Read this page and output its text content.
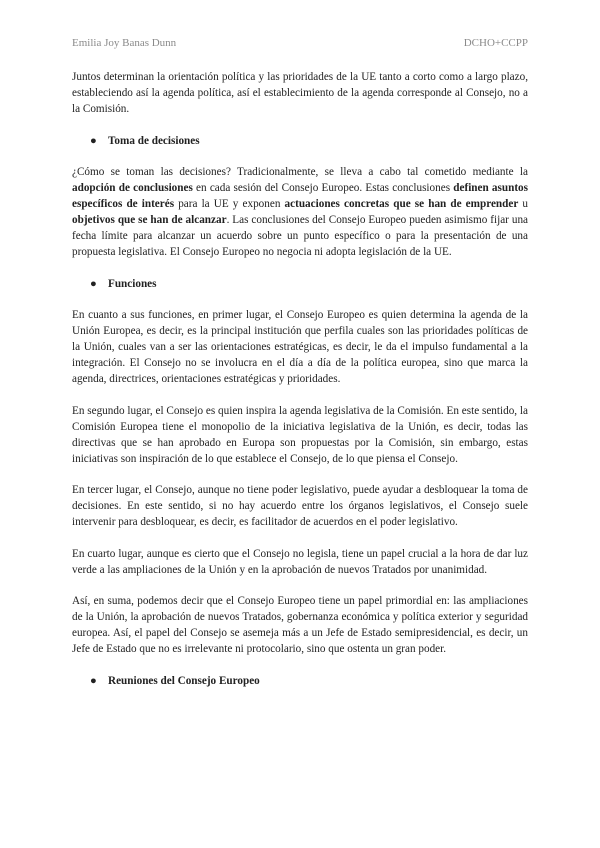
Emilia Joy Banas Dunn	DCHO+CCPP

Juntos determinan la orientación política y las prioridades de la UE tanto a corto como a largo plazo, estableciendo así la agenda política, así el establecimiento de la agenda corresponde al Consejo, no a la Comisión.

● Toma de decisiones

¿Cómo se toman las decisiones? Tradicionalmente, se lleva a cabo tal cometido mediante la adopción de conclusiones en cada sesión del Consejo Europeo. Estas conclusiones definen asuntos específicos de interés para la UE y exponen actuaciones concretas que se han de emprender u objetivos que se han de alcanzar. Las conclusiones del Consejo Europeo pueden asimismo fijar una fecha límite para alcanzar un acuerdo sobre un punto específico o para la presentación de una propuesta legislativa. El Consejo Europeo no negocia ni adopta legislación de la UE.

● Funciones

En cuanto a sus funciones, en primer lugar, el Consejo Europeo es quien determina la agenda de la Unión Europea, es decir, es la principal institución que perfila cuales son las prioridades políticas de la Unión, cuales van a ser las orientaciones estratégicas, es decir, le da el impulso fundamental a la integración. El Consejo no se involucra en el día a día de la política europea, sino que marca la agenda, directrices, orientaciones estratégicas y prioridades.

En segundo lugar, el Consejo es quien inspira la agenda legislativa de la Comisión. En este sentido, la Comisión Europea tiene el monopolio de la iniciativa legislativa de la Unión, es decir, todas las directivas que se han aprobado en Europa son propuestas por la Comisión, sin embargo, estas iniciativas son inspiración de lo que establece el Consejo, de lo que piensa el Consejo.

En tercer lugar, el Consejo, aunque no tiene poder legislativo, puede ayudar a desbloquear la toma de decisiones. En este sentido, si no hay acuerdo entre los órganos legislativos, el Consejo suele intervenir para desbloquear, es decir, es facilitador de acuerdos en el poder legislativo.

En cuarto lugar, aunque es cierto que el Consejo no legisla, tiene un papel crucial a la hora de dar luz verde a las ampliaciones de la Unión y en la aprobación de nuevos Tratados por unanimidad.

Así, en suma, podemos decir que el Consejo Europeo tiene un papel primordial en: las ampliaciones de la Unión, la aprobación de nuevos Tratados, gobernanza económica y política exterior y seguridad europea. Así, el papel del Consejo se asemeja más a un Jefe de Estado semipresidencial, es decir, un Jefe de Estado que no es irrelevante ni protocolario, sino que ostenta un gran poder.

● Reuniones del Consejo Europeo
